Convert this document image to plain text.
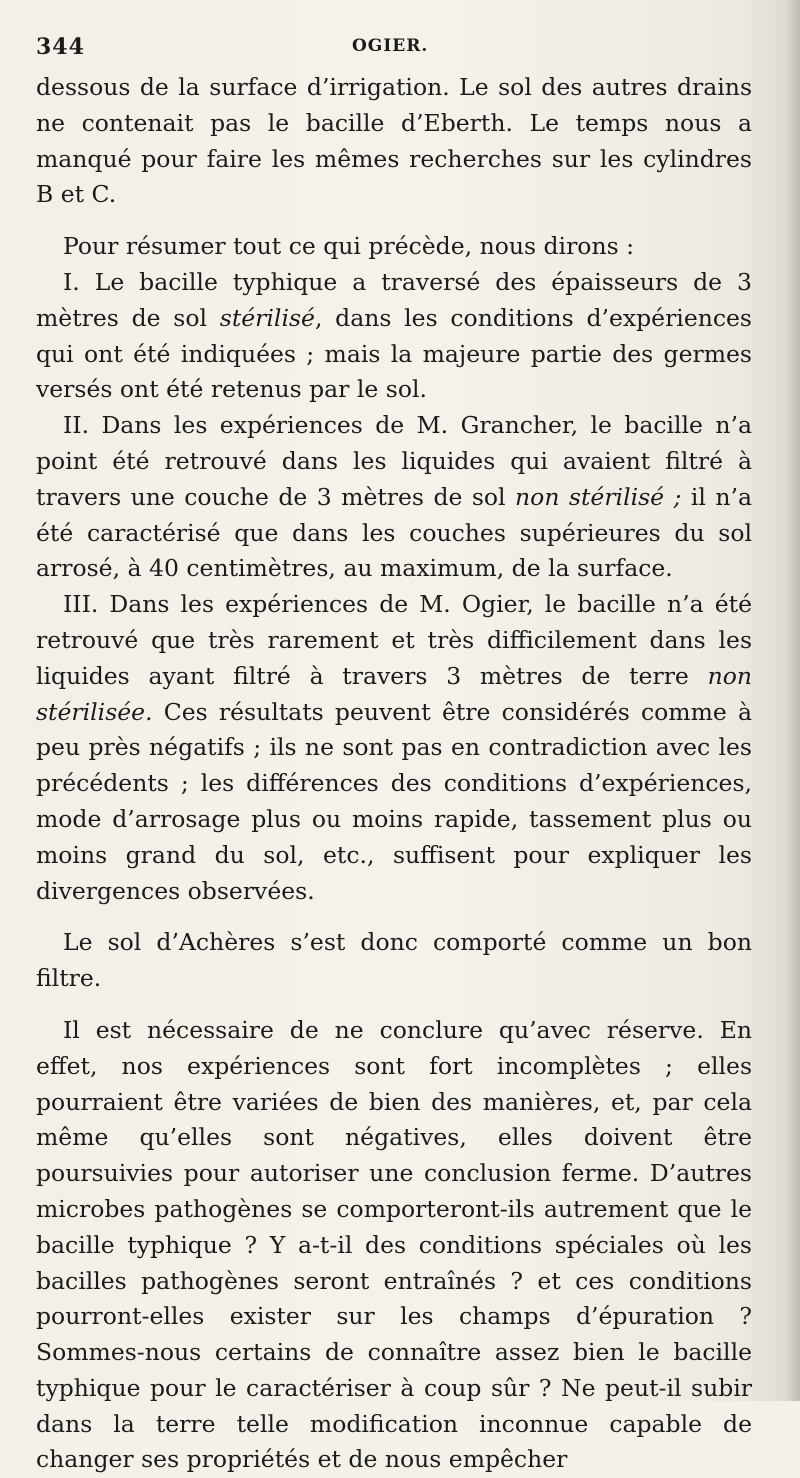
344	OGIER.

dessous de la surface d’irrigation. Le sol des autres drains ne contenait pas le bacille d’Eberth. Le temps nous a manqué pour faire les mêmes recherches sur les cylindres B et C.

Pour résumer tout ce qui précède, nous dirons :

I. Le bacille typhique a traversé des épaisseurs de 3 mètres de sol stérilisé, dans les conditions d’expériences qui ont été indiquées ; mais la majeure partie des germes versés ont été retenus par le sol.

II. Dans les expériences de M. Grancher, le bacille n’a point été retrouvé dans les liquides qui avaient filtré à travers une couche de 3 mètres de sol non stérilisé ; il n’a été caractérisé que dans les couches supérieures du sol arrosé, à 40 centimètres, au maximum, de la surface.

III. Dans les expériences de M. Ogier, le bacille n’a été retrouvé que très rarement et très difficilement dans les liquides ayant filtré à travers 3 mètres de terre non stérilisée. Ces résultats peuvent être considérés comme à peu près négatifs ; ils ne sont pas en contradiction avec les précédents ; les différences des conditions d’expériences, mode d’arrosage plus ou moins rapide, tassement plus ou moins grand du sol, etc., suffisent pour expliquer les divergences observées.

Le sol d’Achères s’est donc comporté comme un bon filtre.

Il est nécessaire de ne conclure qu’avec réserve. En effet, nos expériences sont fort incomplètes ; elles pourraient être variées de bien des manières, et, par cela même qu’elles sont négatives, elles doivent être poursuivies pour autoriser une conclusion ferme. D’autres microbes pathogènes se comporteront-ils autrement que le bacille typhique ? Y a-t-il des conditions spéciales où les bacilles pathogènes seront entraînés ? et ces conditions pourront-elles exister sur les champs d’épuration ? Sommes-nous certains de connaître assez bien le bacille typhique pour le caractériser à coup sûr ? Ne peut-il subir dans la terre telle modification inconnue capable de changer ses propriétés et de nous empêcher
